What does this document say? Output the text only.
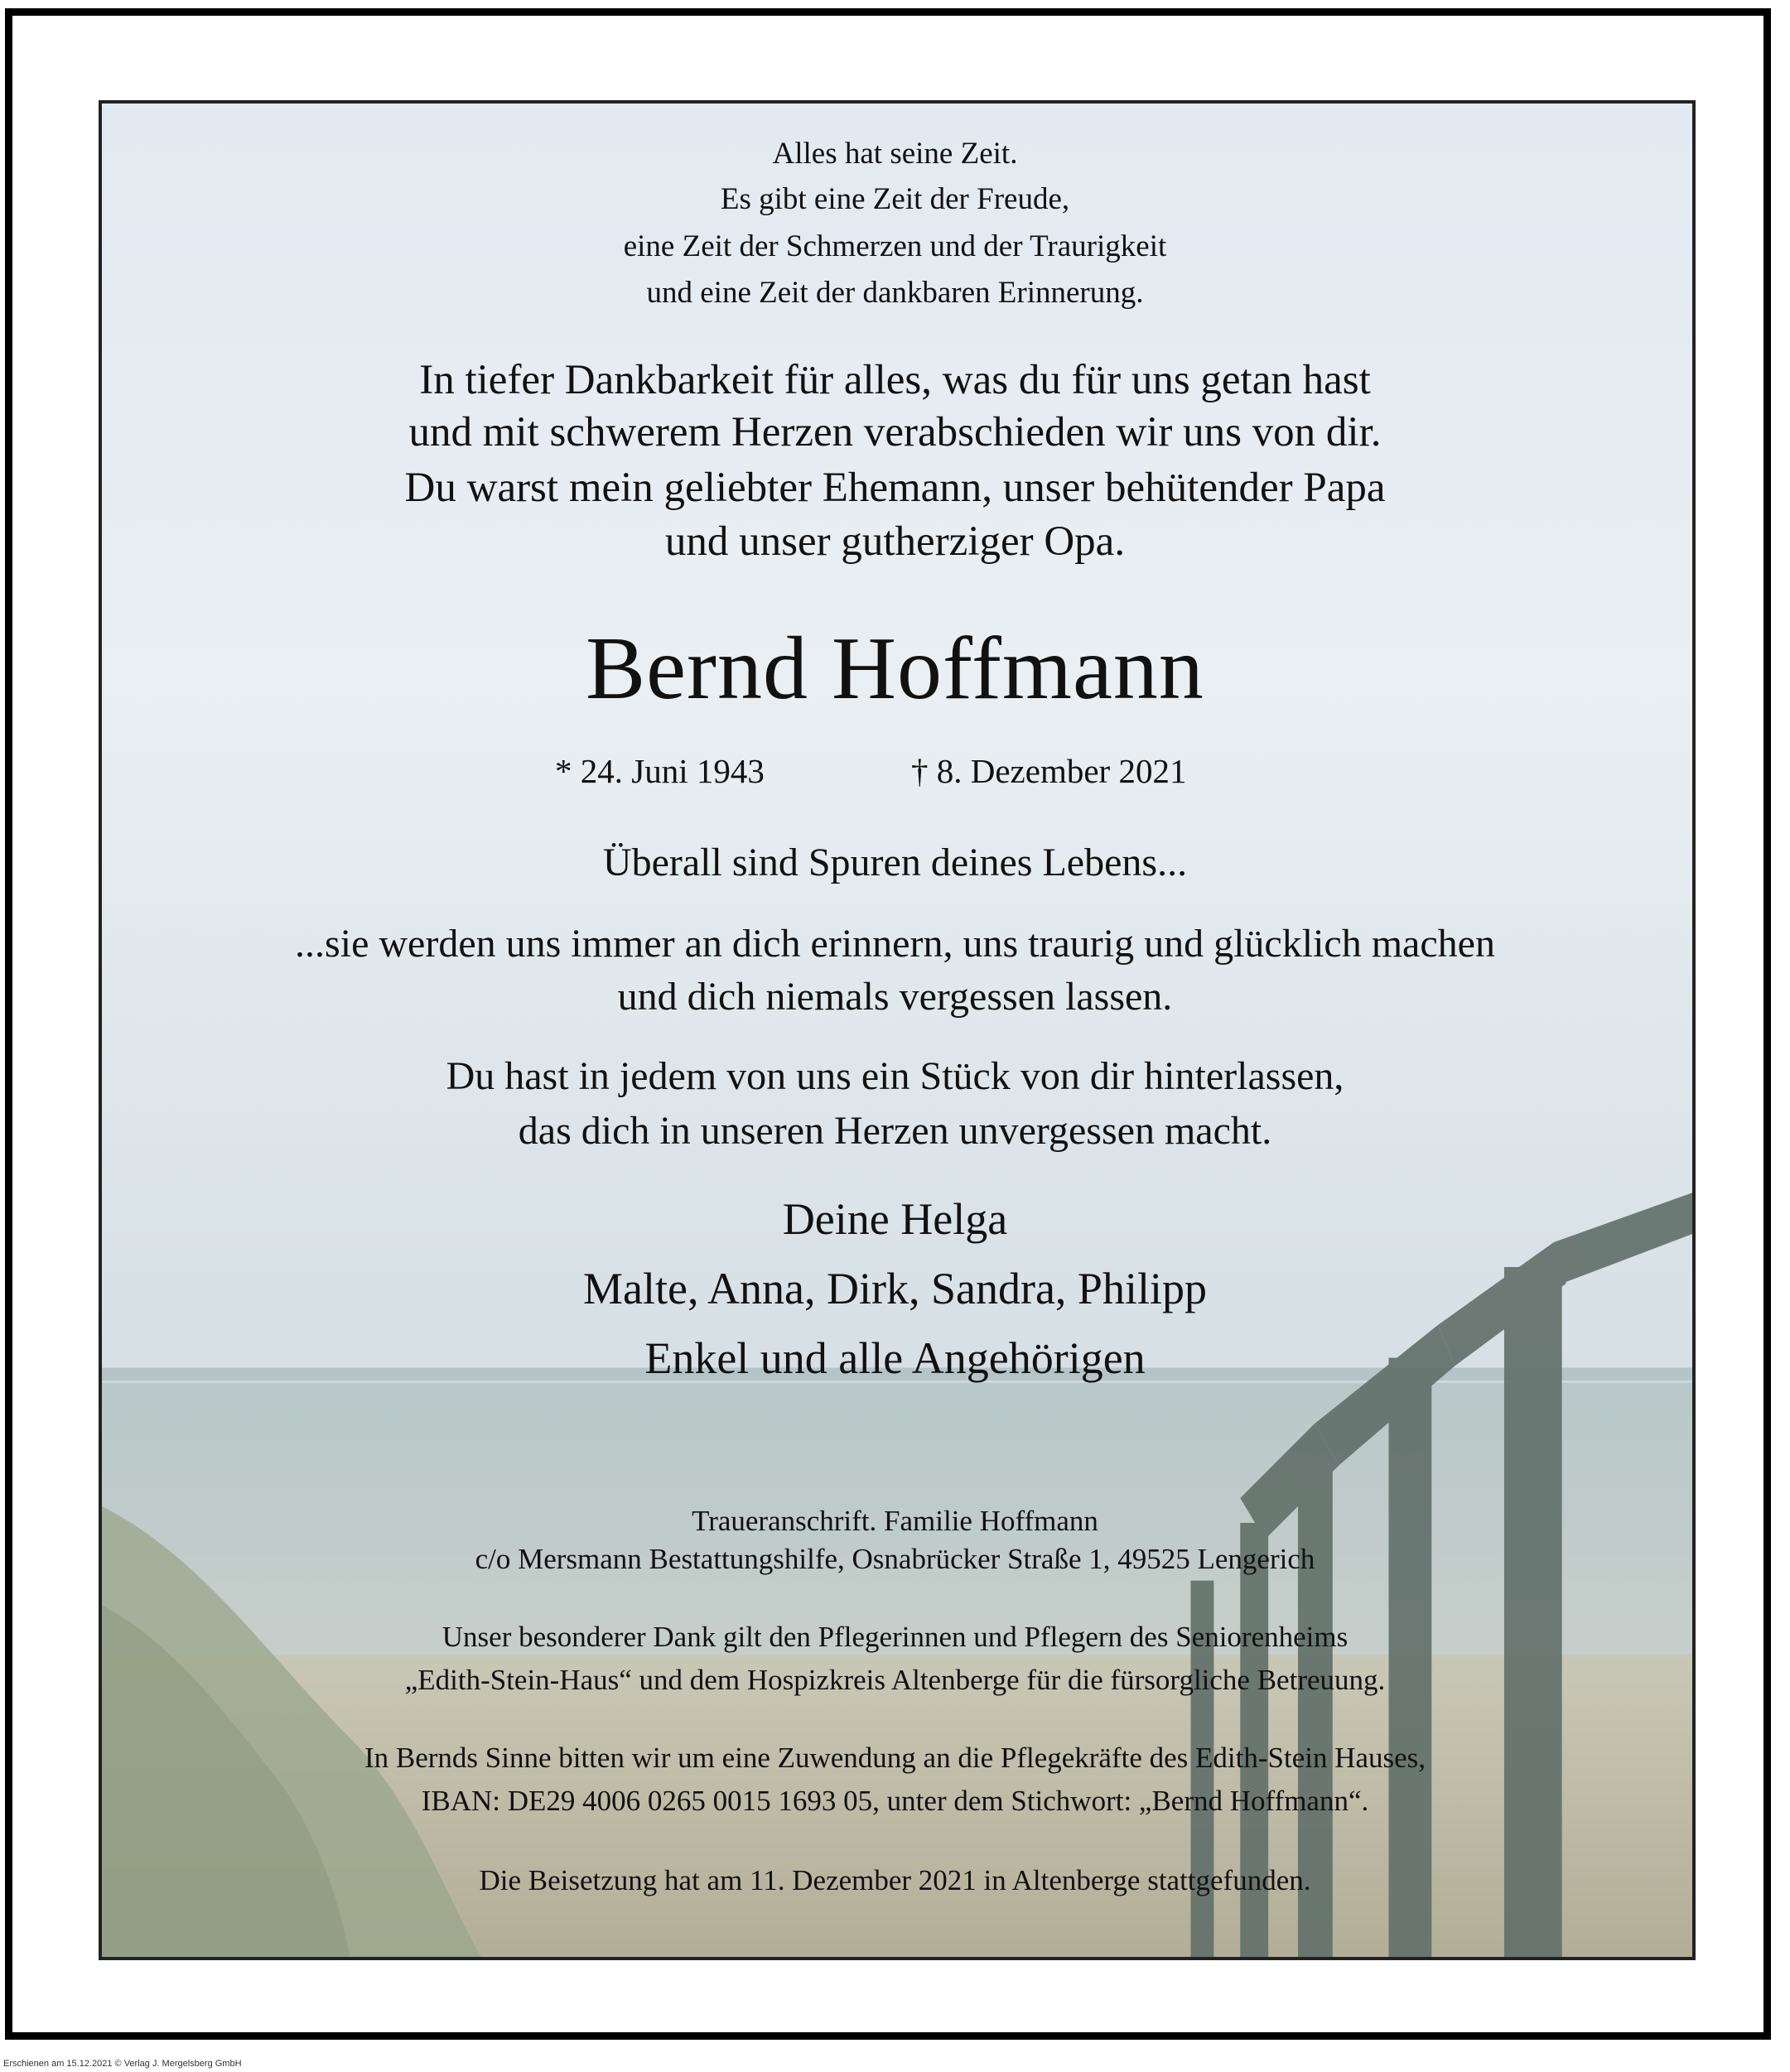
Alles hat seine Zeit.
Es gibt eine Zeit der Freude,
eine Zeit der Schmerzen und der Traurigkeit
und eine Zeit der dankbaren Erinnerung.
In tiefer Dankbarkeit für alles, was du für uns getan hast
und mit schwerem Herzen verabschieden wir uns von dir.
Du warst mein geliebter Ehemann, unser behütender Papa
und unser gutherziger Opa.
Bernd Hoffmann
* 24. Juni 1943	† 8. Dezember 2021
Überall sind Spuren deines Lebens...
...sie werden uns immer an dich erinnern, uns traurig und glücklich machen
und dich niemals vergessen lassen.
Du hast in jedem von uns ein Stück von dir hinterlassen,
das dich in unseren Herzen unvergessen macht.
Deine Helga
Malte, Anna, Dirk, Sandra, Philipp
Enkel und alle Angehörigen
Traueranschrift. Familie Hoffmann
c/o Mersmann Bestattungshilfe, Osnabrücker Straße 1, 49525 Lengerich
Unser besonderer Dank gilt den Pflegerinnen und Pflegern des Seniorenheims
„Edith-Stein-Haus“ und dem Hospizkreis Altenberge für die fürsorgliche Betreuung.
In Bernds Sinne bitten wir um eine Zuwendung an die Pflegekräfte des Edith-Stein Hauses,
IBAN: DE29 4006 0265 0015 1693 05, unter dem Stichwort: „Bernd Hoffmann“.
Die Beisetzung hat am 11. Dezember 2021 in Altenberge stattgefunden.
Erschienen am 15.12.2021 © Verlag J. Mergelsberg GmbH
